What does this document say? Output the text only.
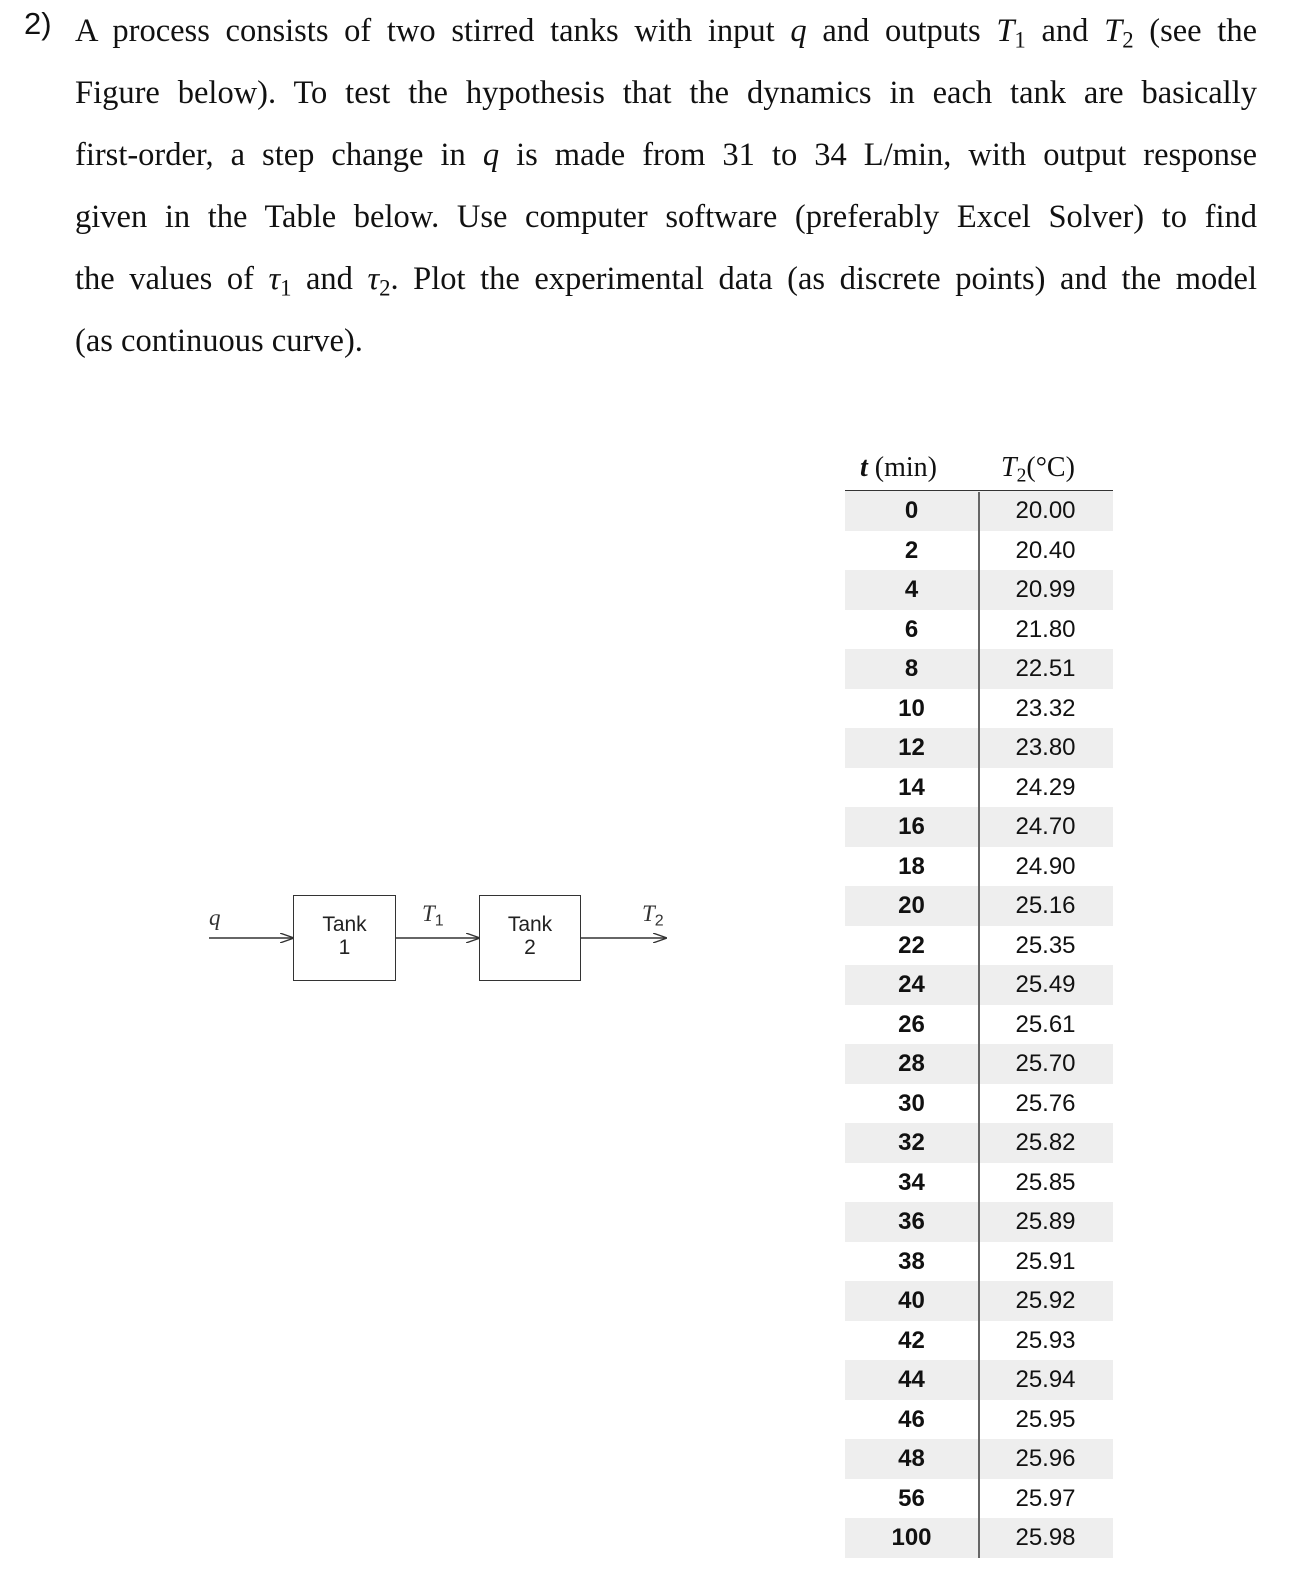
2) A process consists of two stirred tanks with input q and outputs $T_1$ and $T_2$ (see the
Figure below). To test the hypothesis that the dynamics in each tank are basically
first-order, a step change in q is made from 31 to 34 L/min, with output response
given in the Table below. Use computer software (preferably Excel Solver) to find
the values of $\tau_1$ and $\tau_2$. Plot the experimental data (as discrete points) and the model
(as continuous curve).
q	Tank
1
$T_1$	Tank
2
$T_2$
t (min) $T_2(^\circ C)$
0	20.00
2	20.40
4	20.99
6	21.80
8	22.51
10	23.32
12	23.80
14	24.29
16	24.70
18	24.90
20	25.16
22	25.35
24	25.49
26	25.61
28	25.70
30	25.76
32	25.82
34	25.85
36	25.89
38	25.91
40	25.92
42	25.93
44	25.94
46	25.95
48	25.96
56	25.97
100	25.98
